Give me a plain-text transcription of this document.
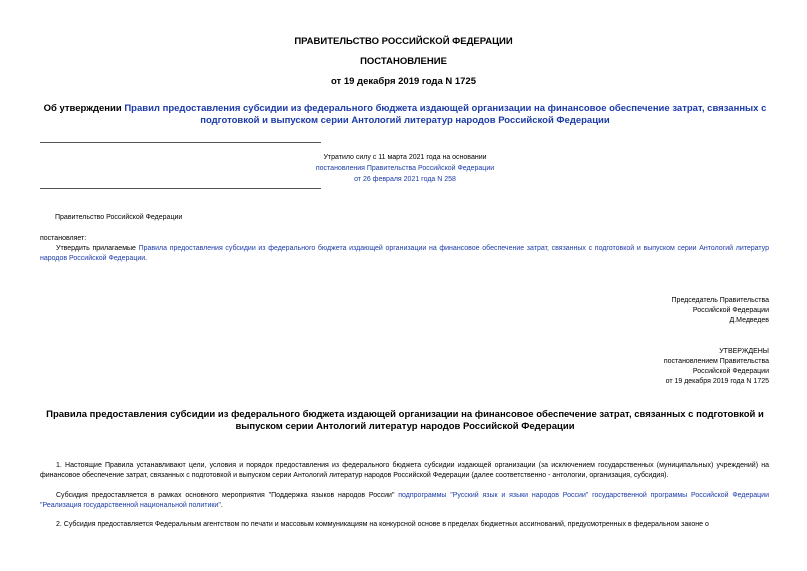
ПРАВИТЕЛЬСТВО РОССИЙСКОЙ ФЕДЕРАЦИИ
ПОСТАНОВЛЕНИЕ
от 19 декабря 2019 года N 1725
Об утверждении Правил предоставления субсидии из федерального бюджета издающей организации на финансовое обеспечение затрат, связанных с подготовкой и выпуском серии Антологий литератур народов Российской Федерации
Утратило силу с 11 марта 2021 года на основании
постановления Правительства Российской Федерации
от 26 февраля 2021 года N 258
Правительство Российской Федерации
постановляет:
Утвердить прилагаемые Правила предоставления субсидии из федерального бюджета издающей организации на финансовое обеспечение затрат, связанных с подготовкой и выпуском серии Антологий литератур народов Российской Федерации.
Председатель Правительства
Российской Федерации
Д.Медведев
УТВЕРЖДЕНЫ
постановлением Правительства
Российской Федерации
от 19 декабря 2019 года N 1725
Правила предоставления субсидии из федерального бюджета издающей организации на финансовое обеспечение затрат, связанных с подготовкой и выпуском серии Антологий литератур народов Российской Федерации
1. Настоящие Правила устанавливают цели, условия и порядок предоставления из федерального бюджета субсидии издающей организации (за исключением государственных (муниципальных) учреждений) на финансовое обеспечение затрат, связанных с подготовкой и выпуском серии Антологий литератур народов Российской Федерации (далее соответственно - антологии, организация, субсидия).
Субсидия предоставляется в рамках основного мероприятия "Поддержка языков народов России" подпрограммы "Русский язык и языки народов России" государственной программы Российской Федерации "Реализация государственной национальной политики".
2. Субсидия предоставляется Федеральным агентством по печати и массовым коммуникациям на конкурсной основе в пределах бюджетных ассигнований, предусмотренных в федеральном законе о
